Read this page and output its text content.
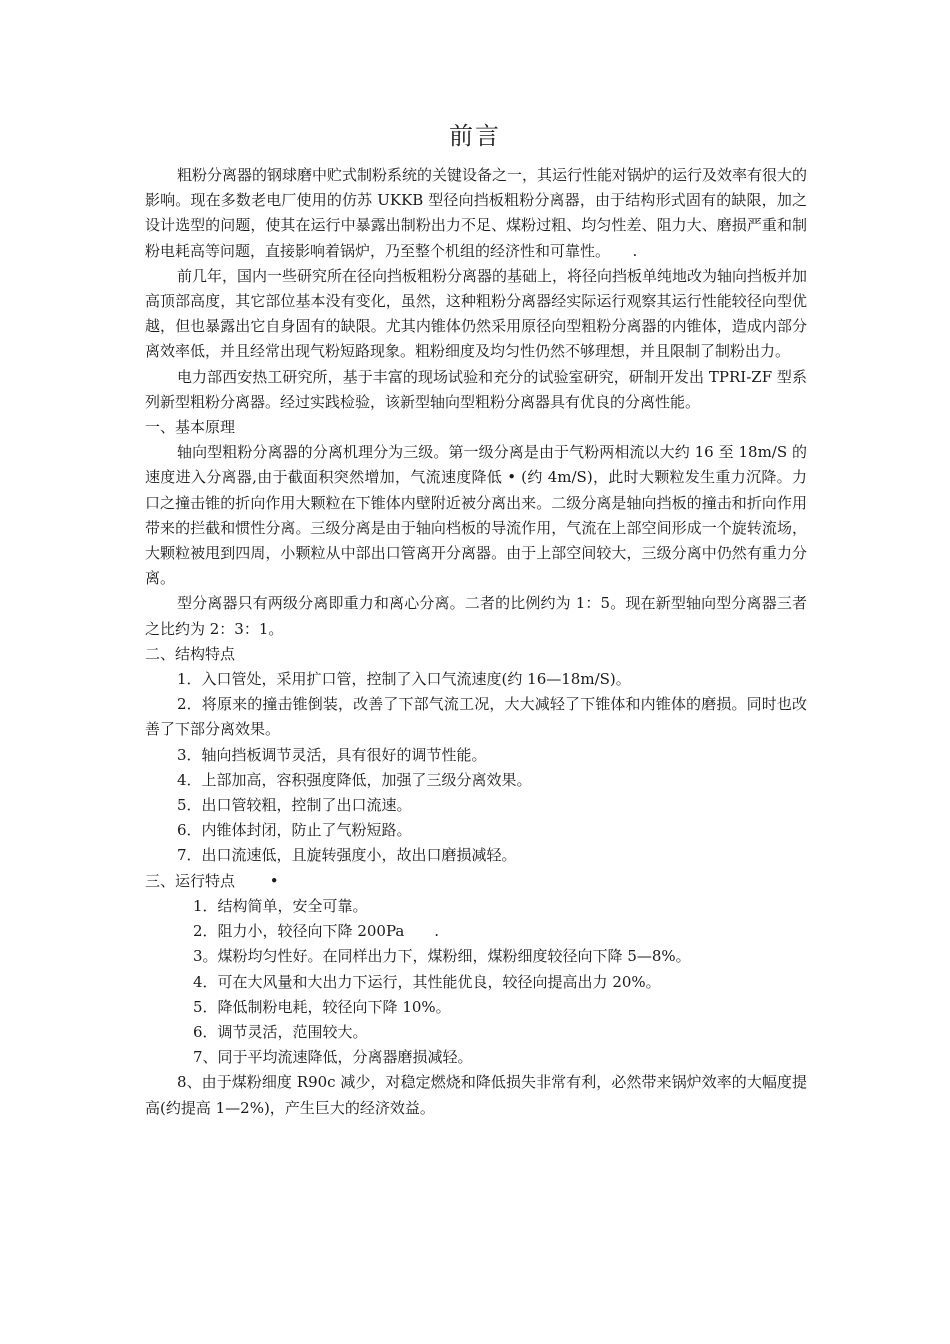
前言

粗粉分离器的钢球磨中贮式制粉系统的关键设备之一，其运行性能对锅炉的运行及效率有很大的影响。现在多数老电厂使用的仿苏 UKKB 型径向挡板粗粉分离器，由于结构形式固有的缺限，加之设计选型的问题，使其在运行中暴露出制粉出力不足、煤粉过粗、均匀性差、阻力大、磨损严重和制粉电耗高等问题，直接影响着锅炉，乃至整个机组的经济性和可靠性。　　.

前几年，国内一些研究所在径向挡板粗粉分离器的基础上，将径向挡板单纯地改为轴向挡板并加高顶部高度，其它部位基本没有变化，虽然，这种粗粉分离器经实际运行观察其运行性能较径向型优越，但也暴露出它自身固有的缺限。尤其内锥体仍然采用原径向型粗粉分离器的内锥体，造成内部分离效率低，并且经常出现气粉短路现象。粗粉细度及均匀性仍然不够理想，并且限制了制粉出力。

电力部西安热工研究所，基于丰富的现场试验和充分的试验室研究，研制开发出 TPRI-ZF 型系列新型粗粉分离器。经过实践检验，该新型轴向型粗粉分离器具有优良的分离性能。

一、基本原理

轴向型粗粉分离器的分离机理分为三级。第一级分离是由于气粉两相流以大约 16 至 18m/S 的速度进入分离器,由于截面积突然增加，气流速度降低 • (约 4m/S)，此时大颗粒发生重力沉降。力口之撞击锥的折向作用大颗粒在下锥体内壁附近被分离出来。二级分离是轴向挡板的撞击和折向作用带来的拦截和惯性分离。三级分离是由于轴向档板的导流作用，气流在上部空间形成一个旋转流场，大颗粒被甩到四周，小颗粒从中部出口管离开分离器。由于上部空间较大，三级分离中仍然有重力分离。

型分离器只有两级分离即重力和离心分离。二者的比例约为 1：5。现在新型轴向型分离器三者之比约为 2：3：1。

二、结构特点

1．入口管处，采用扩口管，控制了入口气流速度(约 16—18m/S)。

2．将原来的撞击锥倒装，改善了下部气流工况，大大减轻了下锥体和内锥体的磨损。同时也改善了下部分离效果。

3．轴向挡板调节灵活，具有很好的调节性能。

4．上部加高，容积强度降低，加强了三级分离效果。

5．出口管较粗，控制了出口流速。

6．内锥体封闭，防止了气粉短路。

7．出口流速低，且旋转强度小，故出口磨损减轻。

三、运行特点　　 •

1．结构简单，安全可靠。

2．阻力小，较径向下降 200Pa　　.

3。煤粉均匀性好。在同样出力下，煤粉细，煤粉细度较径向下降 5—8%。

4．可在大风量和大出力下运行，其性能优良，较径向提高出力 20%。

5．降低制粉电耗，较径向下降 10%。

6．调节灵活，范围较大。

7、同于平均流速降低，分离器磨损减轻。

8、由于煤粉细度 R90c 减少，对稳定燃烧和降低损失非常有利，必然带来锅炉效率的大幅度提高(约提高 1—2%)，产生巨大的经济效益。
